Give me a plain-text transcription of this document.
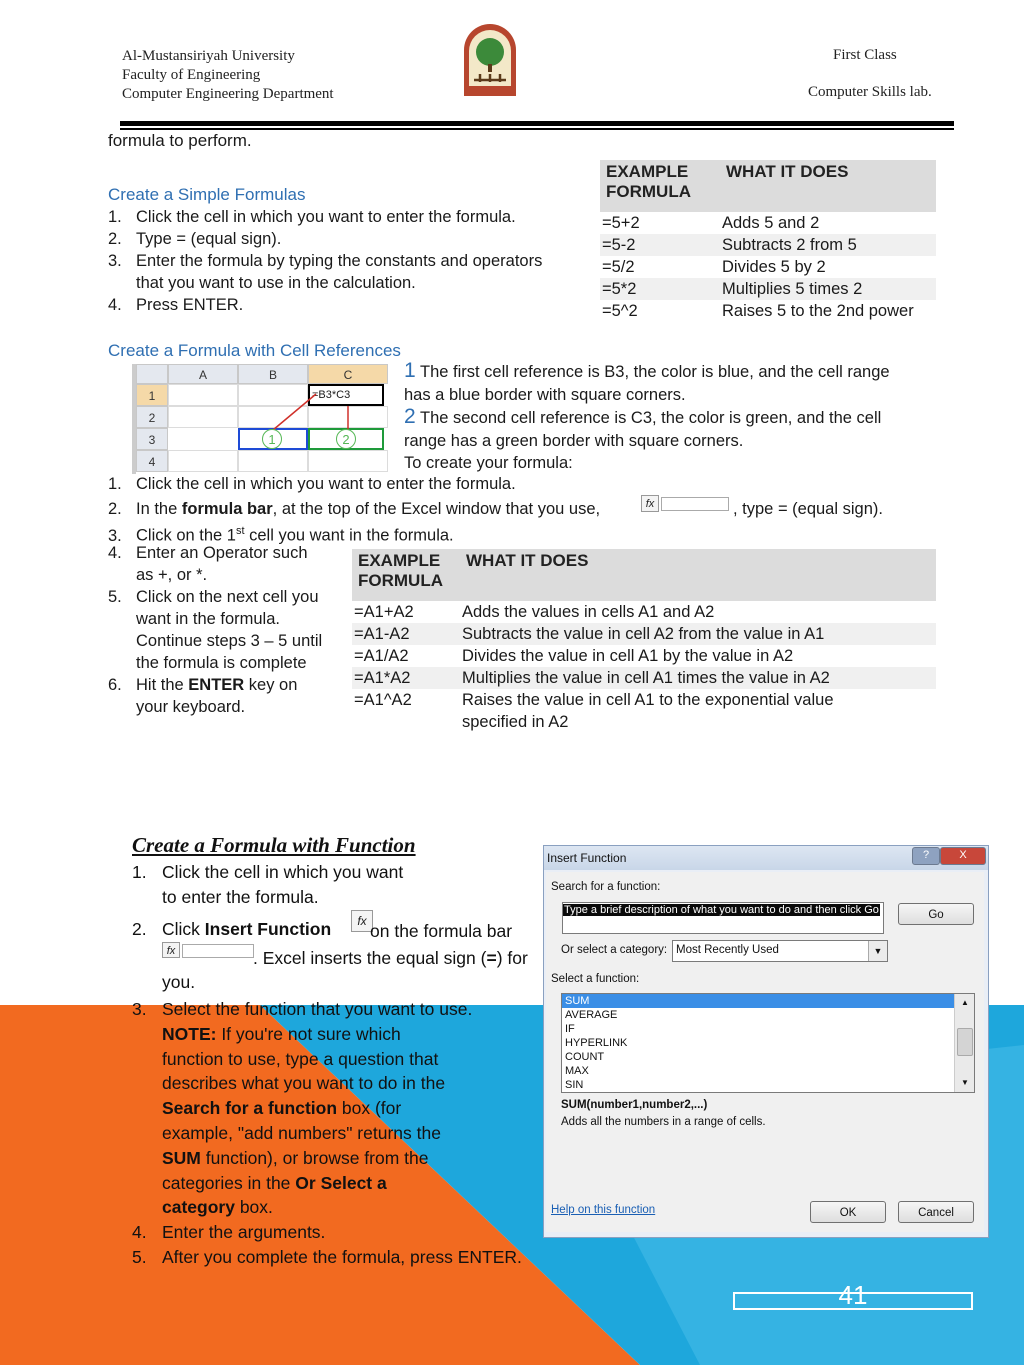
Al-Mustansiriyah University
Faculty of Engineering
Computer Engineering Department
First Class
Computer Skills lab.
formula to perform.
Create a Simple Formulas
1. Click the cell in which you want to enter the formula.
2. Type = (equal sign).
3. Enter the formula by typing the constants and operators
that you want to use in the calculation.
4. Press ENTER.
EXAMPLE
FORMULA	WHAT IT DOES
=5+2	Adds 5 and 2
=5-2	Subtracts 2 from 5
=5/2	Divides 5 by 2
=5*2	Multiplies 5 times 2
=5^2	Raises 5 to the 2nd power
Create a Formula with Cell References
A	B	C
1
2
3
4
=B3*C3
1	2
1 The first cell reference is B3, the color is blue, and the cell range
has a blue border with square corners.
2 The second cell reference is C3, the color is green, and the cell
range has a green border with square corners.
To create your formula:
1. Click the cell in which you want to enter the formula.
2. In the formula bar, at the top of the Excel window that you use,	fx	, type = (equal sign).
3. Click on the 1st cell you want in the formula.
4. Enter an Operator such
as +, or *.
5. Click on the next cell you
want in the formula.
Continue steps 3 – 5 until
the formula is complete
6. Hit the ENTER key on
your keyboard.
EXAMPLE
FORMULA	WHAT IT DOES
=A1+A2	Adds the values in cells A1 and A2
=A1-A2	Subtracts the value in cell A2 from the value in A1
=A1/A2	Divides the value in cell A1 by the value in A2
=A1*A2	Multiplies the value in cell A1 times the value in A2
=A1^A2	Raises the value in cell A1 to the exponential value
specified in A2
Create a Formula with Function
1. Click the cell in which you want
to enter the formula.
2. Click Insert Function	fx on the formula bar
fx	. Excel inserts the equal sign (=) for
you.
3. Select the function that you want to use.
NOTE: If you're not sure which
function to use, type a question that
describes what you want to do in the
Search for a function box (for
example, "add numbers" returns the
SUM function), or browse from the
categories in the Or Select a
category box.
4. Enter the arguments.
5. After you complete the formula, press ENTER.
Insert Function	?	X
Search for a function:
Type a brief description of what you want to do and then click Go	Go
Or select a category: Most Recently Used	▼
Select a function:
SUM
AVERAGE
IF
HYPERLINK
COUNT
MAX
SIN
▲
▼
SUM(number1,number2,...)
Adds all the numbers in a range of cells.
Help on this function	OK	Cancel
41
